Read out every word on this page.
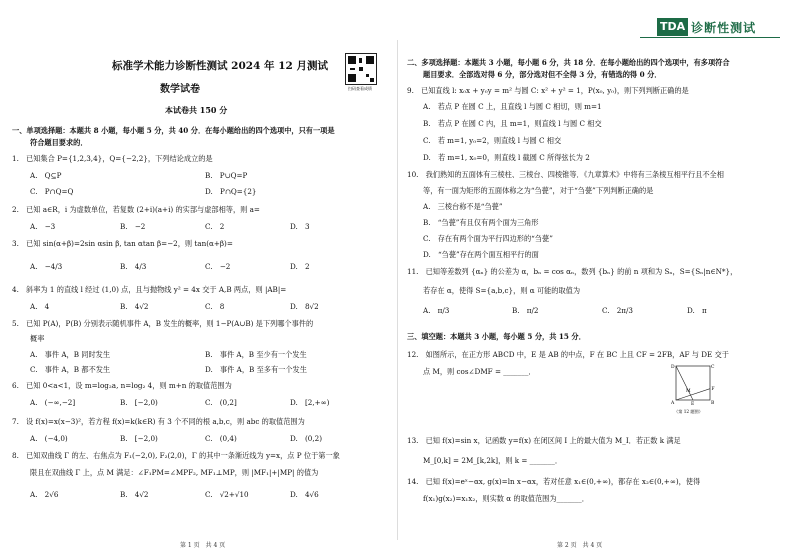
TDA 诊断性测试
标准学术能力诊断性测试 2024 年 12 月测试
数学试卷
本试卷共 150 分
扫码查看成绩
一、单项选择题：本题共 8 小题，每小题 5 分，共 40 分．在每小题给出的四个选项中，只有一项是
符合题目要求的．
1.　已知集合 P={1,2,3,4}，Q={−2,2}，下列结论成立的是
A.　Q⊆P	B.　P∪Q=P
C.　P∩Q=Q	D.　P∩Q={2}
2.　已知 a∈R，i 为虚数单位，若复数 (2+i)(a+i) 的实部与虚部相等，则 a=
A.　−3	B.　−2	C.　2	D.　3
3.　已知 sin(α+β)=2sin αsin β, tan αtan β=−2，则 tan(α+β)=
A.　−4/3	B.　4/3	C.　−2	D.　2
4.　斜率为 1 的直线 l 经过 (1,0) 点，且与抛物线 y² = 4x 交于 A,B 两点，则 |AB|=
A.　4	B.　4√2	C.　8	D.　8√2
5.　已知 P(A)，P(B) 分别表示随机事件 A，B 发生的概率，则 1−P(A∪B) 是下列哪个事件的
概率
A.　事件 A，B 同时发生	B.　事件 A，B 至少有一个发生
C.　事件 A，B 都不发生	D.　事件 A，B 至多有一个发生
6.　已知 0<a<1，设 m=log₂a, n=log₂ 4，则 m+n 的取值范围为
A.　(−∞,−2]	B.　[−2,0)	C.　(0,2]	D.　[2,+∞)
7.　设 f(x)=x(x−3)²，若方程 f(x)=k(k∈R) 有 3 个不同的根 a,b,c，则 abc 的取值范围为
A.　(−4,0)	B.　[−2,0)	C.　(0,4)	D.　(0,2)
8.　已知双曲线 Γ 的左、右焦点为 F₁(−2,0), F₂(2,0)，Γ 的其中一条渐近线为 y=x，点 P 位于第一象
限且在双曲线 Γ 上，点 M 满足：∠F₁PM=∠MPF₂, MF₁⊥MP，则 |MF₁|+|MP| 的值为
A.　2√6	B.　4√2	C.　√2+√10	D.　4√6
第 1 页　共 4 页
二、多项选择题：本题共 3 小题，每小题 6 分，共 18 分．在每小题给出的四个选项中，有多项符合
题目要求．全部选对得 6 分，部分选对但不全得 3 分，有错选的得 0 分．
9.　已知直线 l: x₀x + y₀y = m² 与圆 C: x² + y² = 1，P(x₀, y₀)，则下列判断正确的是
A.　若点 P 在圆 C 上，且直线 l 与圆 C 相切，则 m=1
B.　若点 P 在圆 C 内，且 m=1，则直线 l 与圆 C 相交
C.　若 m=1, y₀=2，则直线 l 与圆 C 相交
D.　若 m=1, x₀=0，则直线 l 截圆 C 所得弦长为 2
10.　我们熟知的五面体有三棱柱、三棱台、四棱锥等．《九章算术》中将有三条棱互相平行且不全相
等，有一面为矩形的五面体称之为“刍甍”，对于“刍甍”下列判断正确的是
A.　三棱台称不是“刍甍”
B.　“刍甍”有且仅有两个面为三角形
C.　存在有两个面为平行四边形的“刍甍”
D.　“刍甍”存在两个面互相平行的面
11.　已知等差数列 {αₙ} 的公差为 α，bₙ = cos αₙ，数列 {bₙ} 的前 n 项和为 Sₙ，S={Sₙ|n∈N*}，
若存在 α，使得 S={a,b,c}，则 α 可能的取值为
A.　π/3	B.　π/2	C.　2π/3	D.　π
三、填空题：本题共 3 小题，每小题 5 分，共 15 分．
12.　如图所示，在正方形 ABCD 中，E 是 AB 的中点，F 在 BC 上且 CF = 2FB，AF 与 DE 交于
点 M，则 cos∠DMF = _______．
13.　已知 f(x)=sin x，记函数 y=f(x) 在闭区间 I 上的最大值为 M_I．若正数 k 满足
M_[0,k] = 2M_[k,2k]，则 k = _______．
14.　已知 f(x)=eˣ−αx, g(x)=ln x−αx，若对任意 x₁∈(0,+∞)，都存在 x₂∈(0,+∞)，使得
f(x₁)g(x₂)=x₁x₂，则实数 α 的取值范围为_______．
第 2 页　共 4 页
D	C
A	B
E
F
M
（第 12 题图）
